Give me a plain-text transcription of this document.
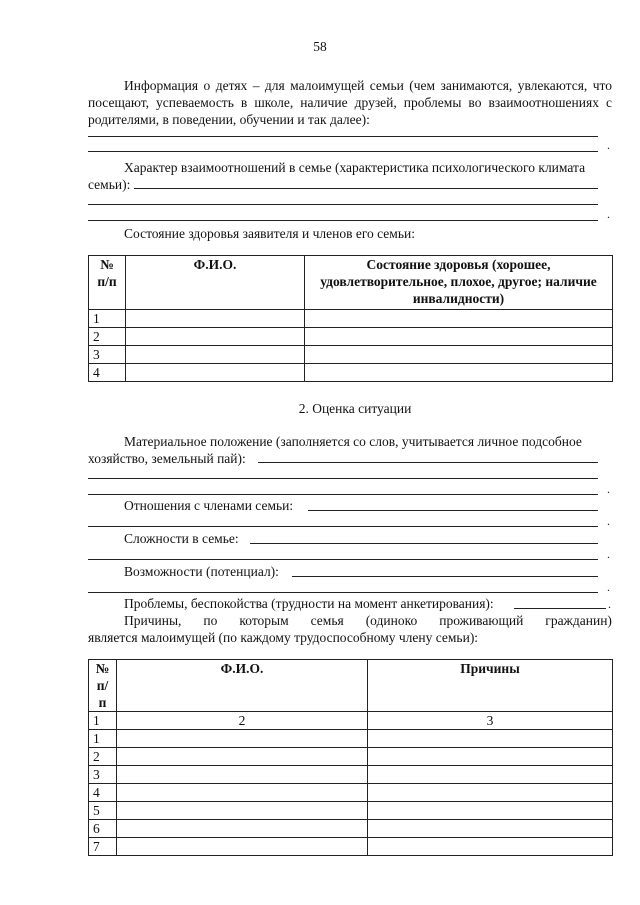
58
Информация о детях – для малоимущей семьи (чем занимаются, увлекаются, что посещают, успеваемость в школе, наличие друзей, проблемы во взаимоотношениях с родителями, в поведении, обучении и так далее):
.
Характер взаимоотношений в семье (характеристика психологического климата
семьи):
.
Состояние здоровья заявителя и членов его семьи:
№ п/п	Ф.И.О.	Состояние здоровья (хорошее, удовлетворительное, плохое, другое; наличие инвалидности)
1		
2		
3		
4		
2. Оценка ситуации
Материальное положение (заполняется со слов, учитывается личное подсобное
хозяйство, земельный пай):
.
Отношения с членами семьи:
.
Сложности в семье:
.
Возможности (потенциал):
.
Проблемы, беспокойства (трудности на момент анкетирования):	.
Причины, по которым семья (одиноко проживающий гражданин)
является малоимущей (по каждому трудоспособному члену семьи):
№ п/п	Ф.И.О.	Причины
1	2	3
1		
2		
3		
4		
5		
6		
7		
